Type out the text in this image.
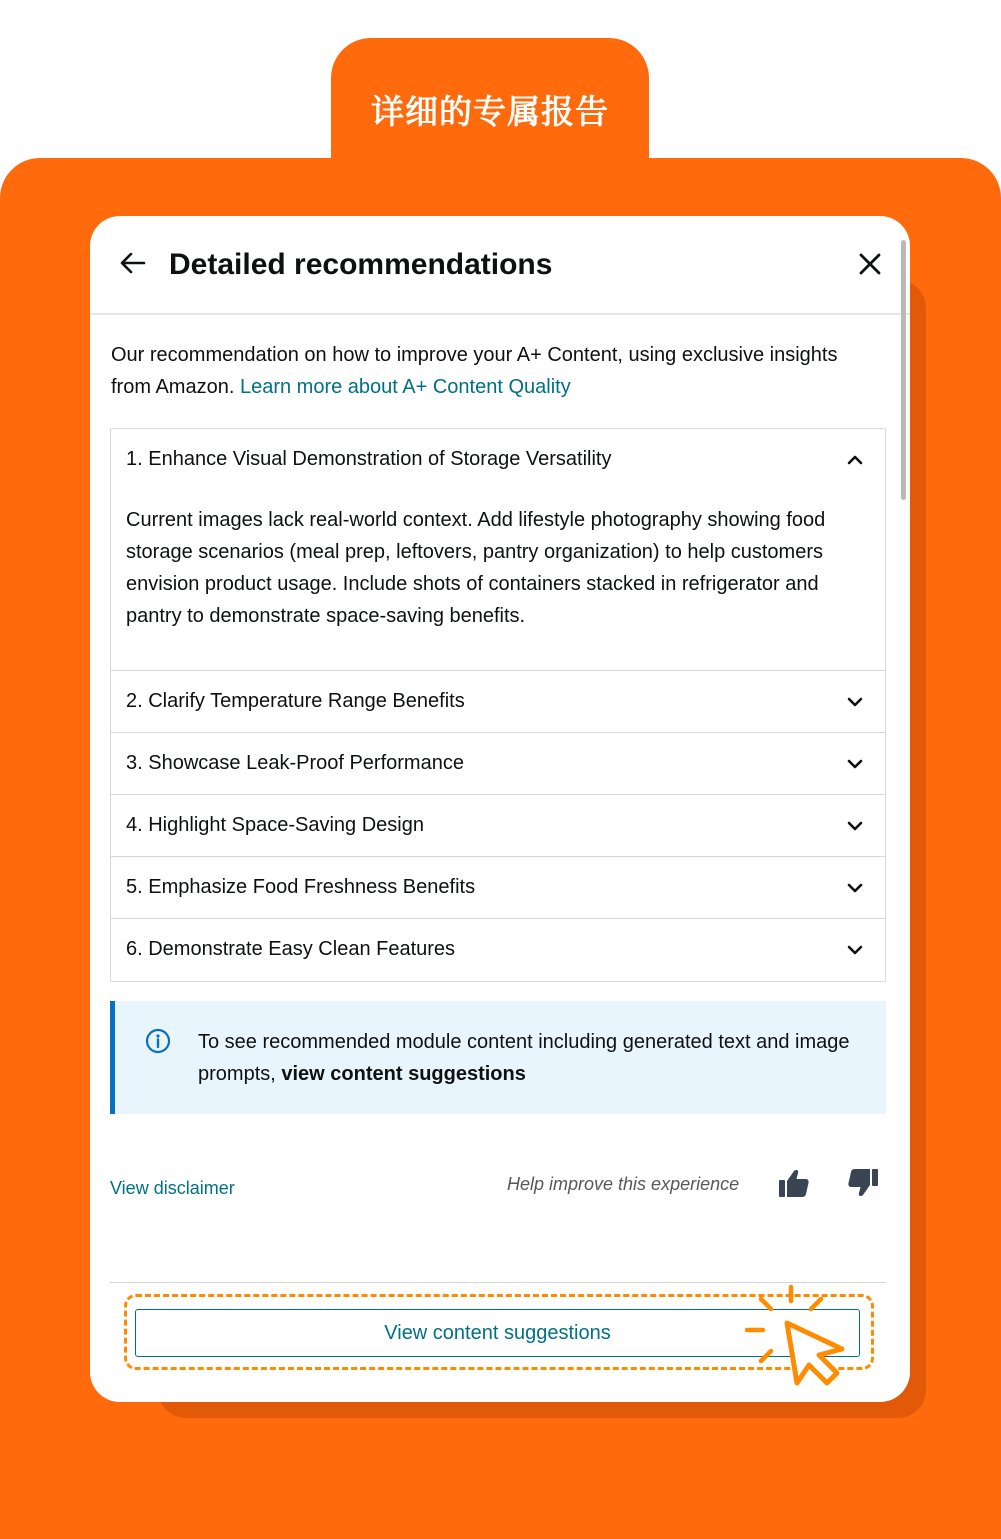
详细的专属报告
Detailed recommendations
Our recommendation on how to improve your A+ Content, using exclusive insights from Amazon. Learn more about A+ Content Quality
1. Enhance Visual Demonstration of Storage Versatility
Current images lack real-world context. Add lifestyle photography showing food storage scenarios (meal prep, leftovers, pantry organization) to help customers envision product usage. Include shots of containers stacked in refrigerator and pantry to demonstrate space-saving benefits.
2. Clarify Temperature Range Benefits
3. Showcase Leak-Proof Performance
4. Highlight Space-Saving Design
5. Emphasize Food Freshness Benefits
6. Demonstrate Easy Clean Features
To see recommended module content including generated text and image prompts, view content suggestions
View disclaimer	Help improve this experience
View content suggestions
